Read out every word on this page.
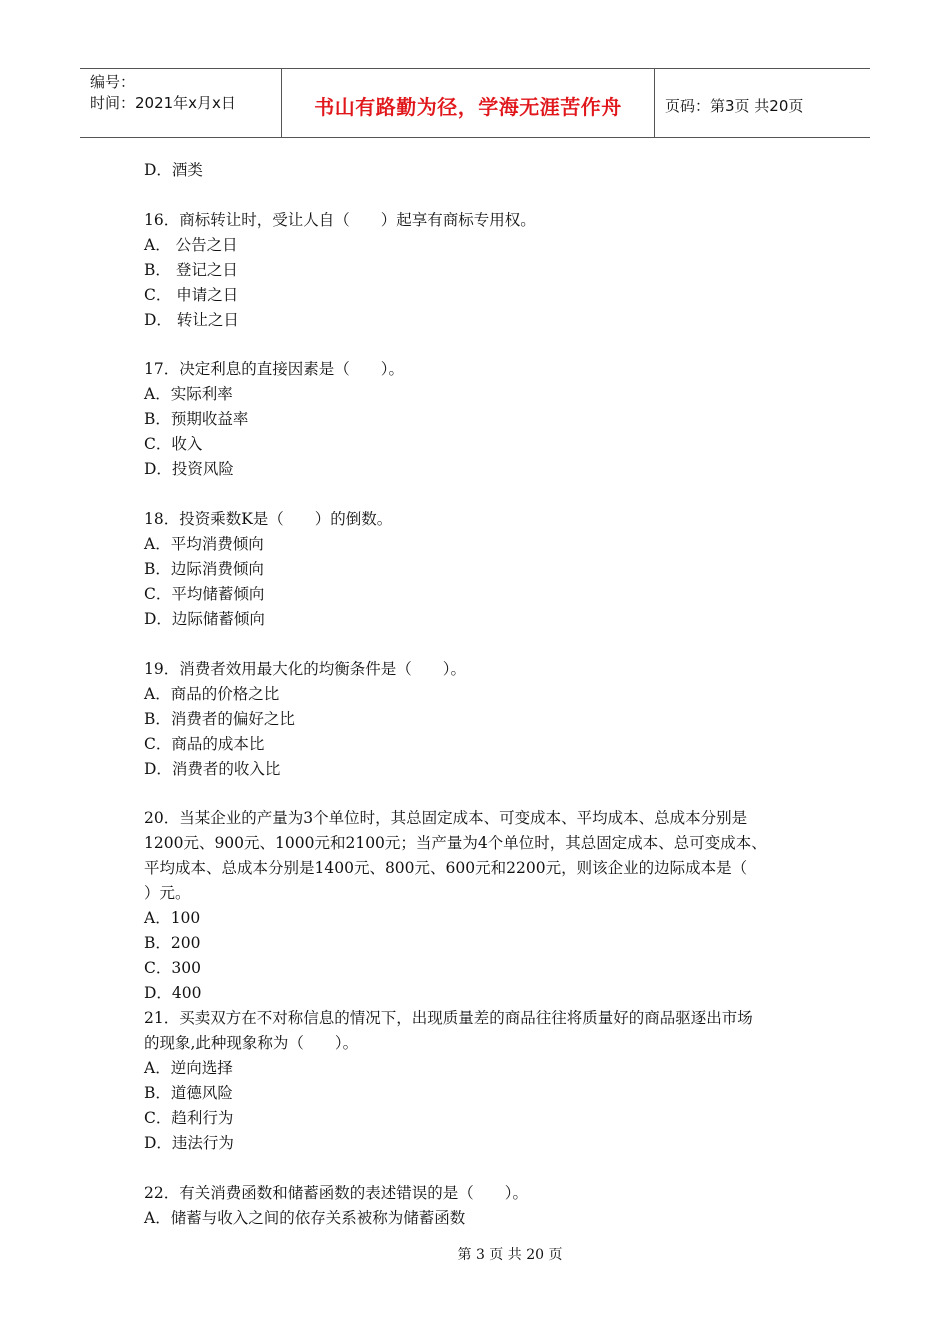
编号：
时间：2021年x月x日	书山有路勤为径，学海无涯苦作舟	页码：第3页 共20页
D．酒类
16．商标转让时，受让人自（　　）起享有商标专用权。
A． 公告之日
B． 登记之日
C． 申请之日
D． 转让之日
17．决定利息的直接因素是（　　）。
A．实际利率
B．预期收益率
C．收入
D．投资风险
18．投资乘数K是（　　）的倒数。
A．平均消费倾向
B．边际消费倾向
C．平均储蓄倾向
D．边际储蓄倾向
19．消费者效用最大化的均衡条件是（　　）。
A．商品的价格之比
B．消费者的偏好之比
C．商品的成本比
D．消费者的收入比
20．当某企业的产量为3个单位时，其总固定成本、可变成本、平均成本、总成本分别是
1200元、900元、1000元和2100元；当产量为4个单位时，其总固定成本、总可变成本、
平均成本、总成本分别是1400元、800元、600元和2200元，则该企业的边际成本是（
）元。
A．100
B．200
C．300
D．400
21．买卖双方在不对称信息的情况下，出现质量差的商品往往将质量好的商品驱逐出市场
的现象,此种现象称为（　　）。
A．逆向选择
B．道德风险
C．趋利行为
D．违法行为
22．有关消费函数和储蓄函数的表述错误的是（　　）。
A．储蓄与收入之间的依存关系被称为储蓄函数
第 3 页 共 20 页
